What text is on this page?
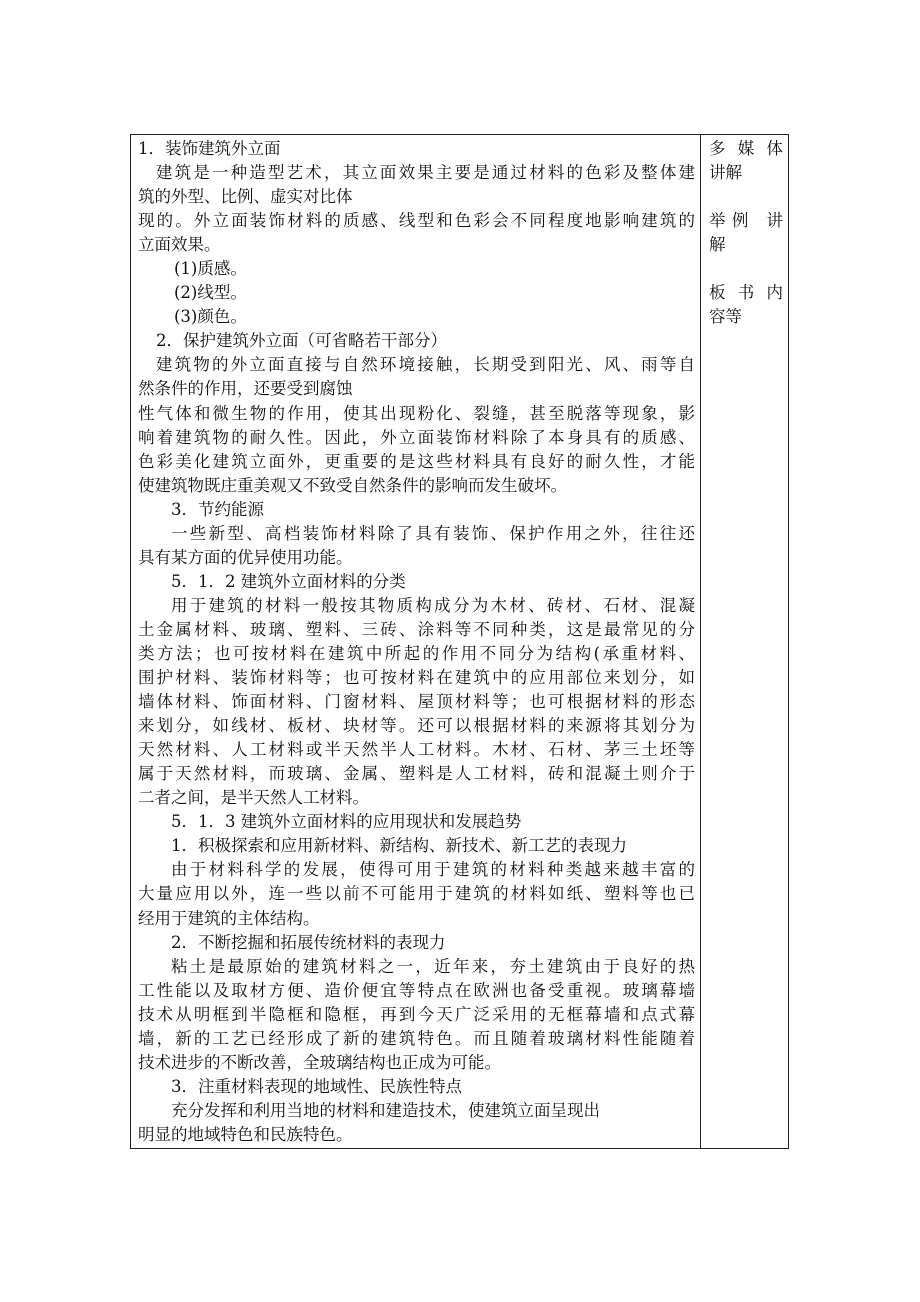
1．装饰建筑外立面
建筑是一种造型艺术，其立面效果主要是通过材料的色彩及整体建
筑的外型、比例、虚实对比体
现的。外立面装饰材料的质感、线型和色彩会不同程度地影响建筑的
立面效果。
(1)质感。
(2)线型。
(3)颜色。
2．保护建筑外立面（可省略若干部分）
建筑物的外立面直接与自然环境接触，长期受到阳光、风、雨等自
然条件的作用，还要受到腐蚀
性气体和微生物的作用，使其出现粉化、裂缝，甚至脱落等现象，影
响着建筑物的耐久性。因此，外立面装饰材料除了本身具有的质感、
色彩美化建筑立面外，更重要的是这些材料具有良好的耐久性，才能
使建筑物既庄重美观又不致受自然条件的影响而发生破坏。
3．节约能源
一些新型、高档装饰材料除了具有装饰、保护作用之外，往往还
具有某方面的优异使用功能。
5．1．2 建筑外立面材料的分类
用于建筑的材料一般按其物质构成分为木材、砖材、石材、混凝
土金属材料、玻璃、塑料、三砖、涂料等不同种类，这是最常见的分
类方法；也可按材料在建筑中所起的作用不同分为结构(承重材料、
围护材料、装饰材料等；也可按材料在建筑中的应用部位来划分，如
墙体材料、饰面材料、门窗材料、屋顶材料等；也可根据材料的形态
来划分，如线材、板材、块材等。还可以根据材料的来源将其划分为
天然材料、人工材料或半天然半人工材料。木材、石材、茅三土坯等
属于天然材料，而玻璃、金属、塑料是人工材料，砖和混凝土则介于
二者之间，是半天然人工材料。
5．1．3 建筑外立面材料的应用现状和发展趋势
1．积极探索和应用新材料、新结构、新技术、新工艺的表现力
由于材料科学的发展，使得可用于建筑的材料种类越来越丰富的
大量应用以外，连一些以前不可能用于建筑的材料如纸、塑料等也已
经用于建筑的主体结构。
2．不断挖掘和拓展传统材料的表现力
粘土是最原始的建筑材料之一，近年来，夯土建筑由于良好的热
工性能以及取材方便、造价便宜等特点在欧洲也备受重视。玻璃幕墙
技术从明框到半隐框和隐框，再到今天广泛采用的无框幕墙和点式幕
墙，新的工艺已经形成了新的建筑特色。而且随着玻璃材料性能随着
技术进步的不断改善，全玻璃结构也正成为可能。
3．注重材料表现的地域性、民族性特点
充分发挥和利用当地的材料和建造技术，使建筑立面呈现出
明显的地域特色和民族特色。
多 媒 体
讲解
举例 讲
解
板 书 内
容等
